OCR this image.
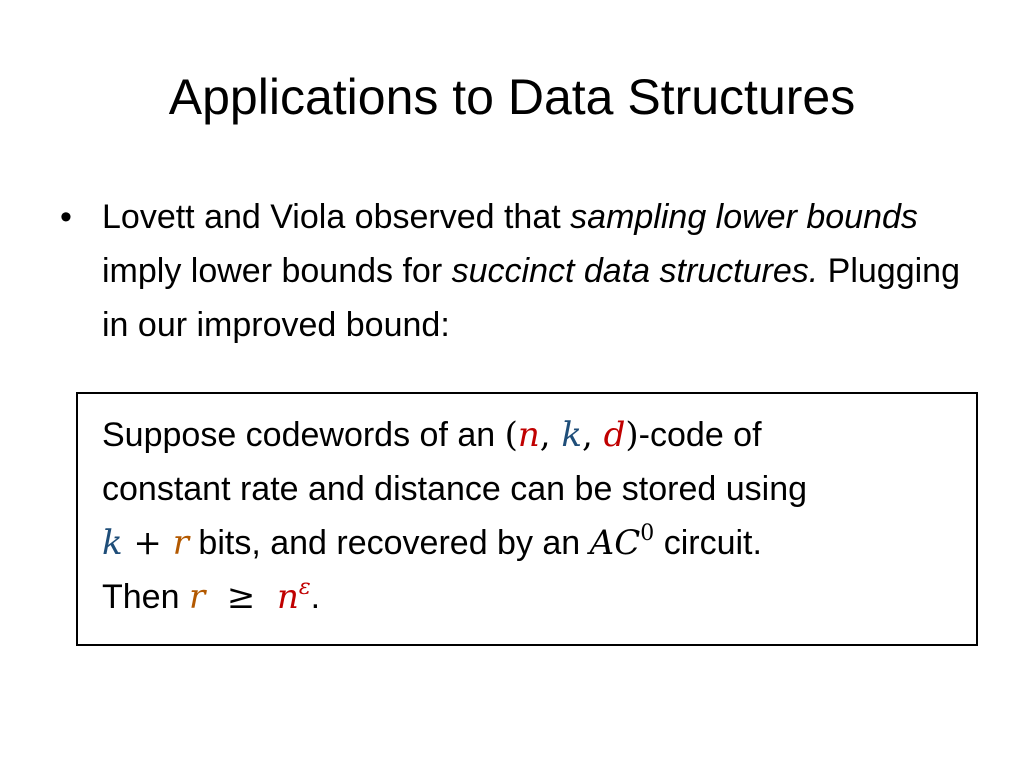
Applications to Data Structures
• Lovett and Viola observed that sampling lower bounds imply lower bounds for succinct data structures. Plugging in our improved bound:
Suppose codewords of an (n, k, d)-code of
constant rate and distance can be stored using
k + r bits, and recovered by an $AC^0$ circuit.
Then $r \ge n^\varepsilon$.
